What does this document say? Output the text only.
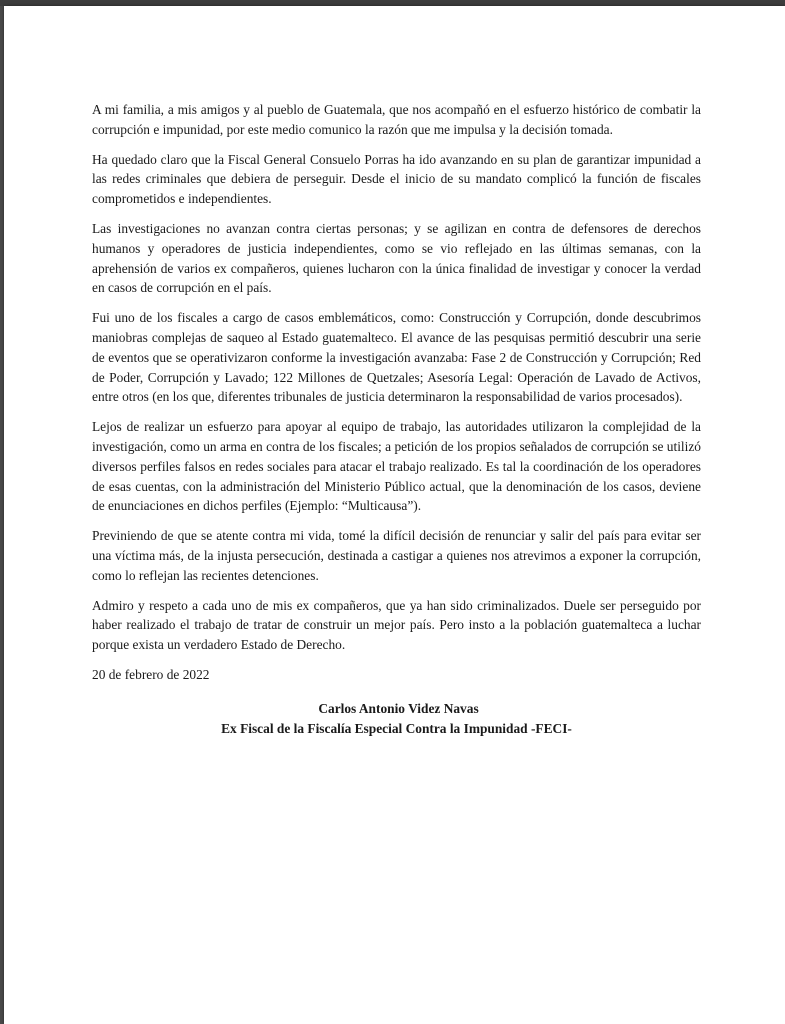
A mi familia, a mis amigos y al pueblo de Guatemala, que nos acompañó en el esfuerzo histórico de combatir la corrupción e impunidad, por este medio comunico la razón que me impulsa y la decisión tomada.

Ha quedado claro que la Fiscal General Consuelo Porras ha ido avanzando en su plan de garantizar impunidad a las redes criminales que debiera de perseguir. Desde el inicio de su mandato complicó la función de fiscales comprometidos e independientes.

Las investigaciones no avanzan contra ciertas personas; y se agilizan en contra de defensores de derechos humanos y operadores de justicia independientes, como se vio reflejado en las últimas semanas, con la aprehensión de varios ex compañeros, quienes lucharon con la única finalidad de investigar y conocer la verdad en casos de corrupción en el país.

Fui uno de los fiscales a cargo de casos emblemáticos, como: Construcción y Corrupción, donde descubrimos maniobras complejas de saqueo al Estado guatemalteco. El avance de las pesquisas permitió descubrir una serie de eventos que se operativizaron conforme la investigación avanzaba: Fase 2 de Construcción y Corrupción; Red de Poder, Corrupción y Lavado; 122 Millones de Quetzales; Asesoría Legal: Operación de Lavado de Activos, entre otros (en los que, diferentes tribunales de justicia determinaron la responsabilidad de varios procesados).

Lejos de realizar un esfuerzo para apoyar al equipo de trabajo, las autoridades utilizaron la complejidad de la investigación, como un arma en contra de los fiscales; a petición de los propios señalados de corrupción se utilizó diversos perfiles falsos en redes sociales para atacar el trabajo realizado. Es tal la coordinación de los operadores de esas cuentas, con la administración del Ministerio Público actual, que la denominación de los casos, deviene de enunciaciones en dichos perfiles (Ejemplo: “Multicausa”).

Previniendo de que se atente contra mi vida, tomé la difícil decisión de renunciar y salir del país para evitar ser una víctima más, de la injusta persecución, destinada a castigar a quienes nos atrevimos a exponer la corrupción, como lo reflejan las recientes detenciones.

Admiro y respeto a cada uno de mis ex compañeros, que ya han sido criminalizados. Duele ser perseguido por haber realizado el trabajo de tratar de construir un mejor país. Pero insto a la población guatemalteca a luchar porque exista un verdadero Estado de Derecho.

20 de febrero de 2022

Carlos Antonio Videz Navas

Ex Fiscal de la Fiscalía Especial Contra la Impunidad -FECI-
